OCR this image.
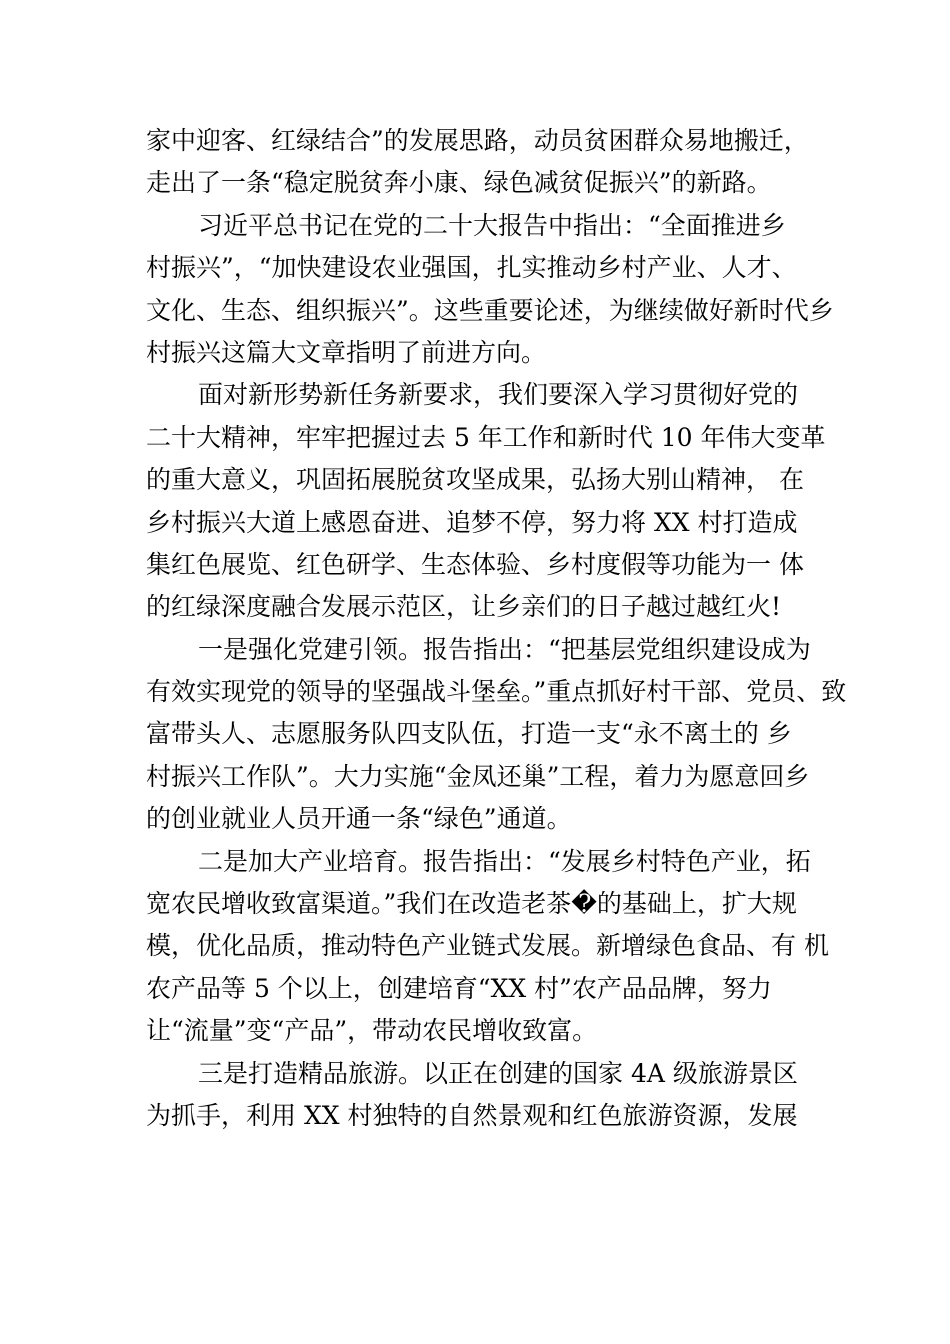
家中迎客、红绿结合”的发展思路，动员贫困群众易地搬迁，
走出了一条“稳定脱贫奔小康、绿色减贫促振兴”的新路。
习近平总书记在党的二十大报告中指出：“全面推进乡
村振兴”，“加快建设农业强国，扎实推动乡村产业、人才、
文化、生态、组织振兴”。这些重要论述，为继续做好新时代乡
村振兴这篇大文章指明了前进方向。
面对新形势新任务新要求，我们要深入学习贯彻好党的
二十大精神，牢牢把握过去 5 年工作和新时代 10 年伟大变革
的重大意义，巩固拓展脱贫攻坚成果，弘扬大别山精神， 在
乡村振兴大道上感恩奋进、追梦不停，努力将 XX 村打造成
集红色展览、红色研学、生态体验、乡村度假等功能为一 体
的红绿深度融合发展示范区，让乡亲们的日子越过越红火!
一是强化党建引领。报告指出：“把基层党组织建设成为
有效实现党的领导的坚强战斗堡垒。”重点抓好村干部、党员、致
富带头人、志愿服务队四支队伍，打造一支“永不离土的 乡
村振兴工作队”。大力实施“金凤还巢”工程，着力为愿意回乡
的创业就业人员开通一条“绿色”通道。
二是加大产业培育。报告指出：“发展乡村特色产业，拓
宽农民增收致富渠道。”我们在改造老茶�的基础上，扩大规
模，优化品质，推动特色产业链式发展。新增绿色食品、有 机
农产品等 5 个以上，创建培育“XX 村”农产品品牌，努力
让“流量”变“产品”，带动农民增收致富。
三是打造精品旅游。以正在创建的国家 4A 级旅游景区
为抓手，利用 XX 村独特的自然景观和红色旅游资源，发展
